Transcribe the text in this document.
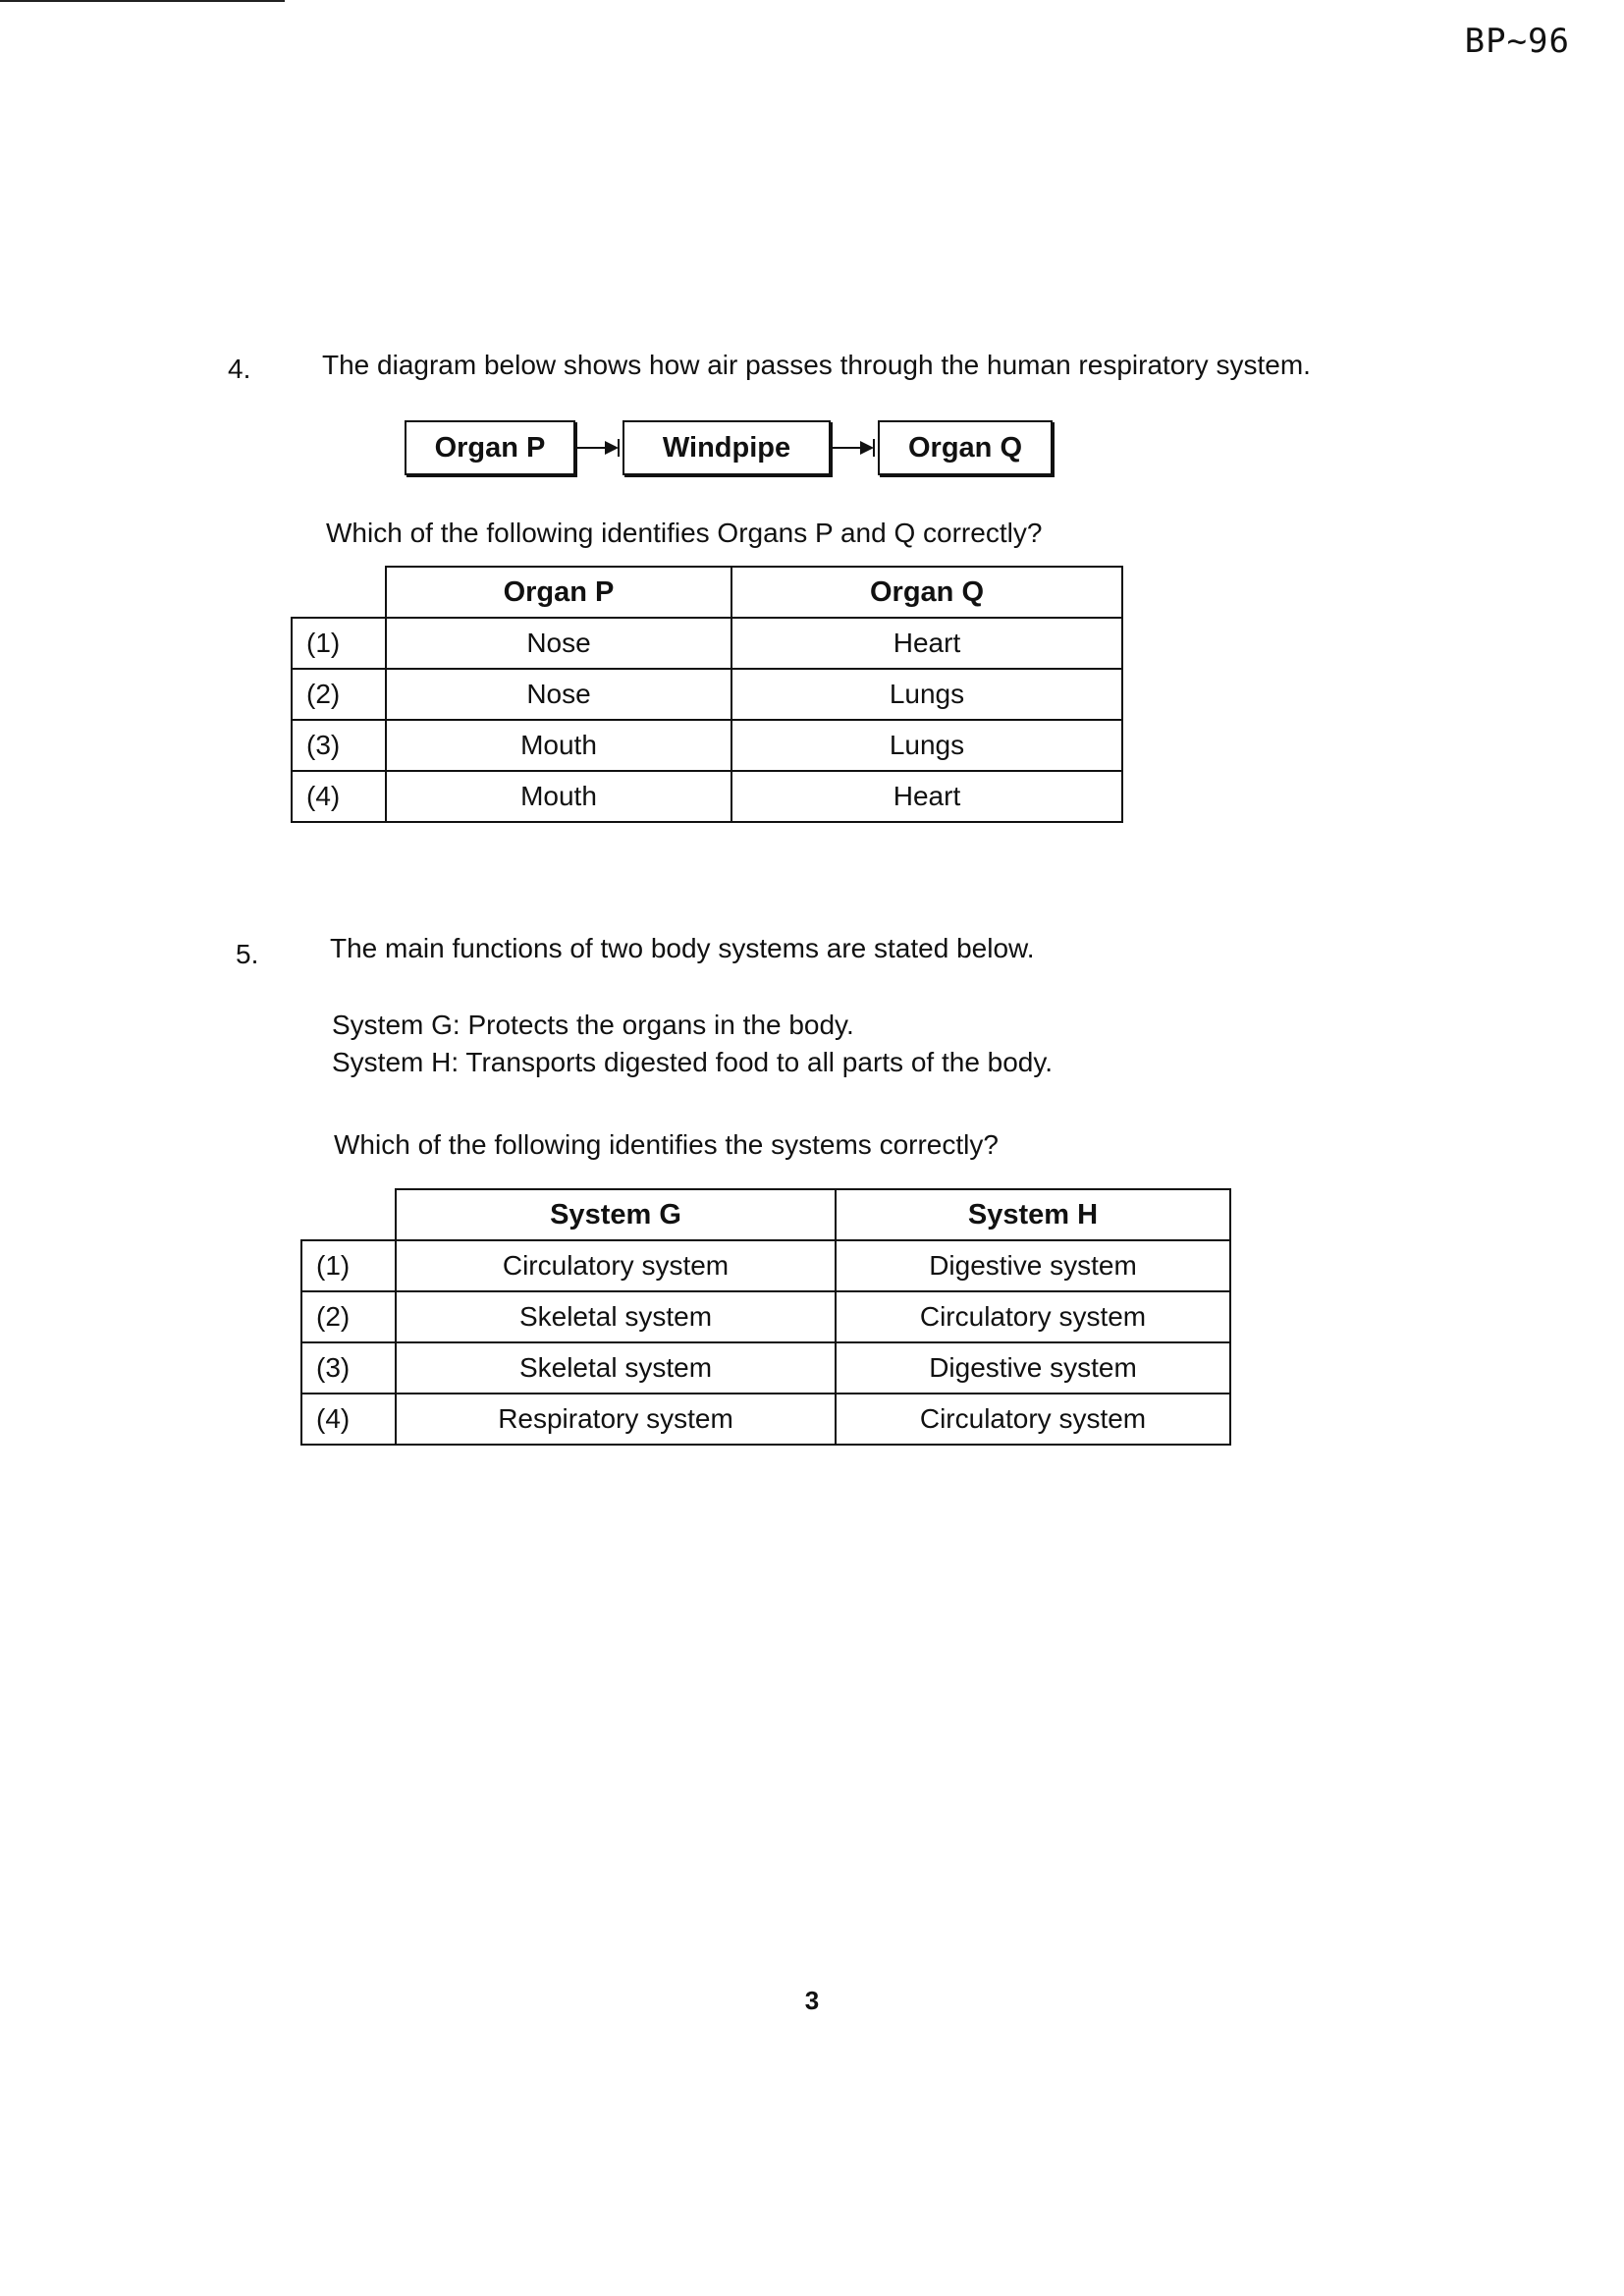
BP~96
4.	The diagram below shows how air passes through the human respiratory system.
Organ P	Windpipe	Organ Q
Which of the following identifies Organs P and Q correctly?
	Organ P	Organ Q
(1)	Nose	Heart
(2)	Nose	Lungs
(3)	Mouth	Lungs
(4)	Mouth	Heart
5.	The main functions of two body systems are stated below.
System G: Protects the organs in the body.
System H: Transports digested food to all parts of the body.
Which of the following identifies the systems correctly?
	System G	System H
(1)	Circulatory system	Digestive system
(2)	Skeletal system	Circulatory system
(3)	Skeletal system	Digestive system
(4)	Respiratory system	Circulatory system
3
